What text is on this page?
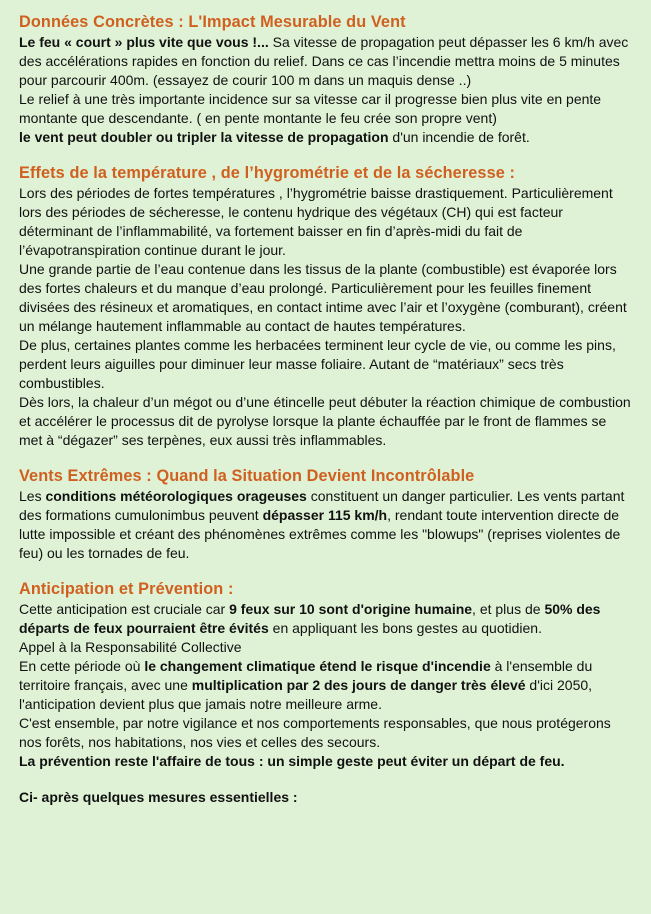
Données Concrètes : L'Impact Mesurable du Vent

Le feu « court » plus vite que vous !... Sa vitesse de propagation peut dépasser les 6 km/h avec des accélérations rapides en fonction du relief. Dans ce cas l’incendie mettra moins de 5 minutes pour parcourir 400m. (essayez de courir 100 m dans un maquis dense ..)

Le relief à une très importante incidence sur sa vitesse car il progresse bien plus vite en pente montante que descendante. ( en pente montante le feu crée son propre vent)

le vent peut doubler ou tripler la vitesse de propagation d'un incendie de forêt.

Effets de la température , de l’hygrométrie et de la sécheresse :

Lors des périodes de fortes températures , l’hygrométrie baisse drastiquement. Particulièrement lors des périodes de sécheresse, le contenu hydrique des végétaux (CH) qui est facteur déterminant de l’inflammabilité, va fortement baisser en fin d’après-midi du fait de l’évapotranspiration continue durant le jour.

Une grande partie de l’eau contenue dans les tissus de la plante (combustible) est évaporée lors des fortes chaleurs et du manque d’eau prolongé. Particulièrement pour les feuilles finement divisées des résineux et aromatiques, en contact intime avec l’air et l’oxygène (comburant), créent un mélange hautement inflammable au contact de hautes températures.

De plus, certaines plantes comme les herbacées terminent leur cycle de vie, ou comme les pins, perdent leurs aiguilles pour diminuer leur masse foliaire. Autant de “matériaux” secs très combustibles.

Dès lors, la chaleur d’un mégot ou d’une étincelle peut débuter la réaction chimique de combustion et accélérer le processus dit de pyrolyse lorsque la plante échauffée par le front de flammes se met à “dégazer” ses terpènes, eux aussi très inflammables.

Vents Extrêmes : Quand la Situation Devient Incontrôlable

Les conditions météorologiques orageuses constituent un danger particulier. Les vents partant des formations cumulonimbus peuvent dépasser 115 km/h, rendant toute intervention directe de lutte impossible et créant des phénomènes extrêmes comme les "blowups" (reprises violentes de feu) ou les tornades de feu.

Anticipation et Prévention :

Cette anticipation est cruciale car 9 feux sur 10 sont d'origine humaine, et plus de 50% des départs de feux pourraient être évités en appliquant les bons gestes au quotidien.

Appel à la Responsabilité Collective

En cette période où le changement climatique étend le risque d'incendie à l'ensemble du territoire français, avec une multiplication par 2 des jours de danger très élevé d'ici 2050, l'anticipation devient plus que jamais notre meilleure arme.

C'est ensemble, par notre vigilance et nos comportements responsables, que nous protégerons nos forêts, nos habitations, nos vies et celles des secours.

La prévention reste l'affaire de tous : un simple geste peut éviter un départ de feu.

Ci- après quelques mesures essentielles :
